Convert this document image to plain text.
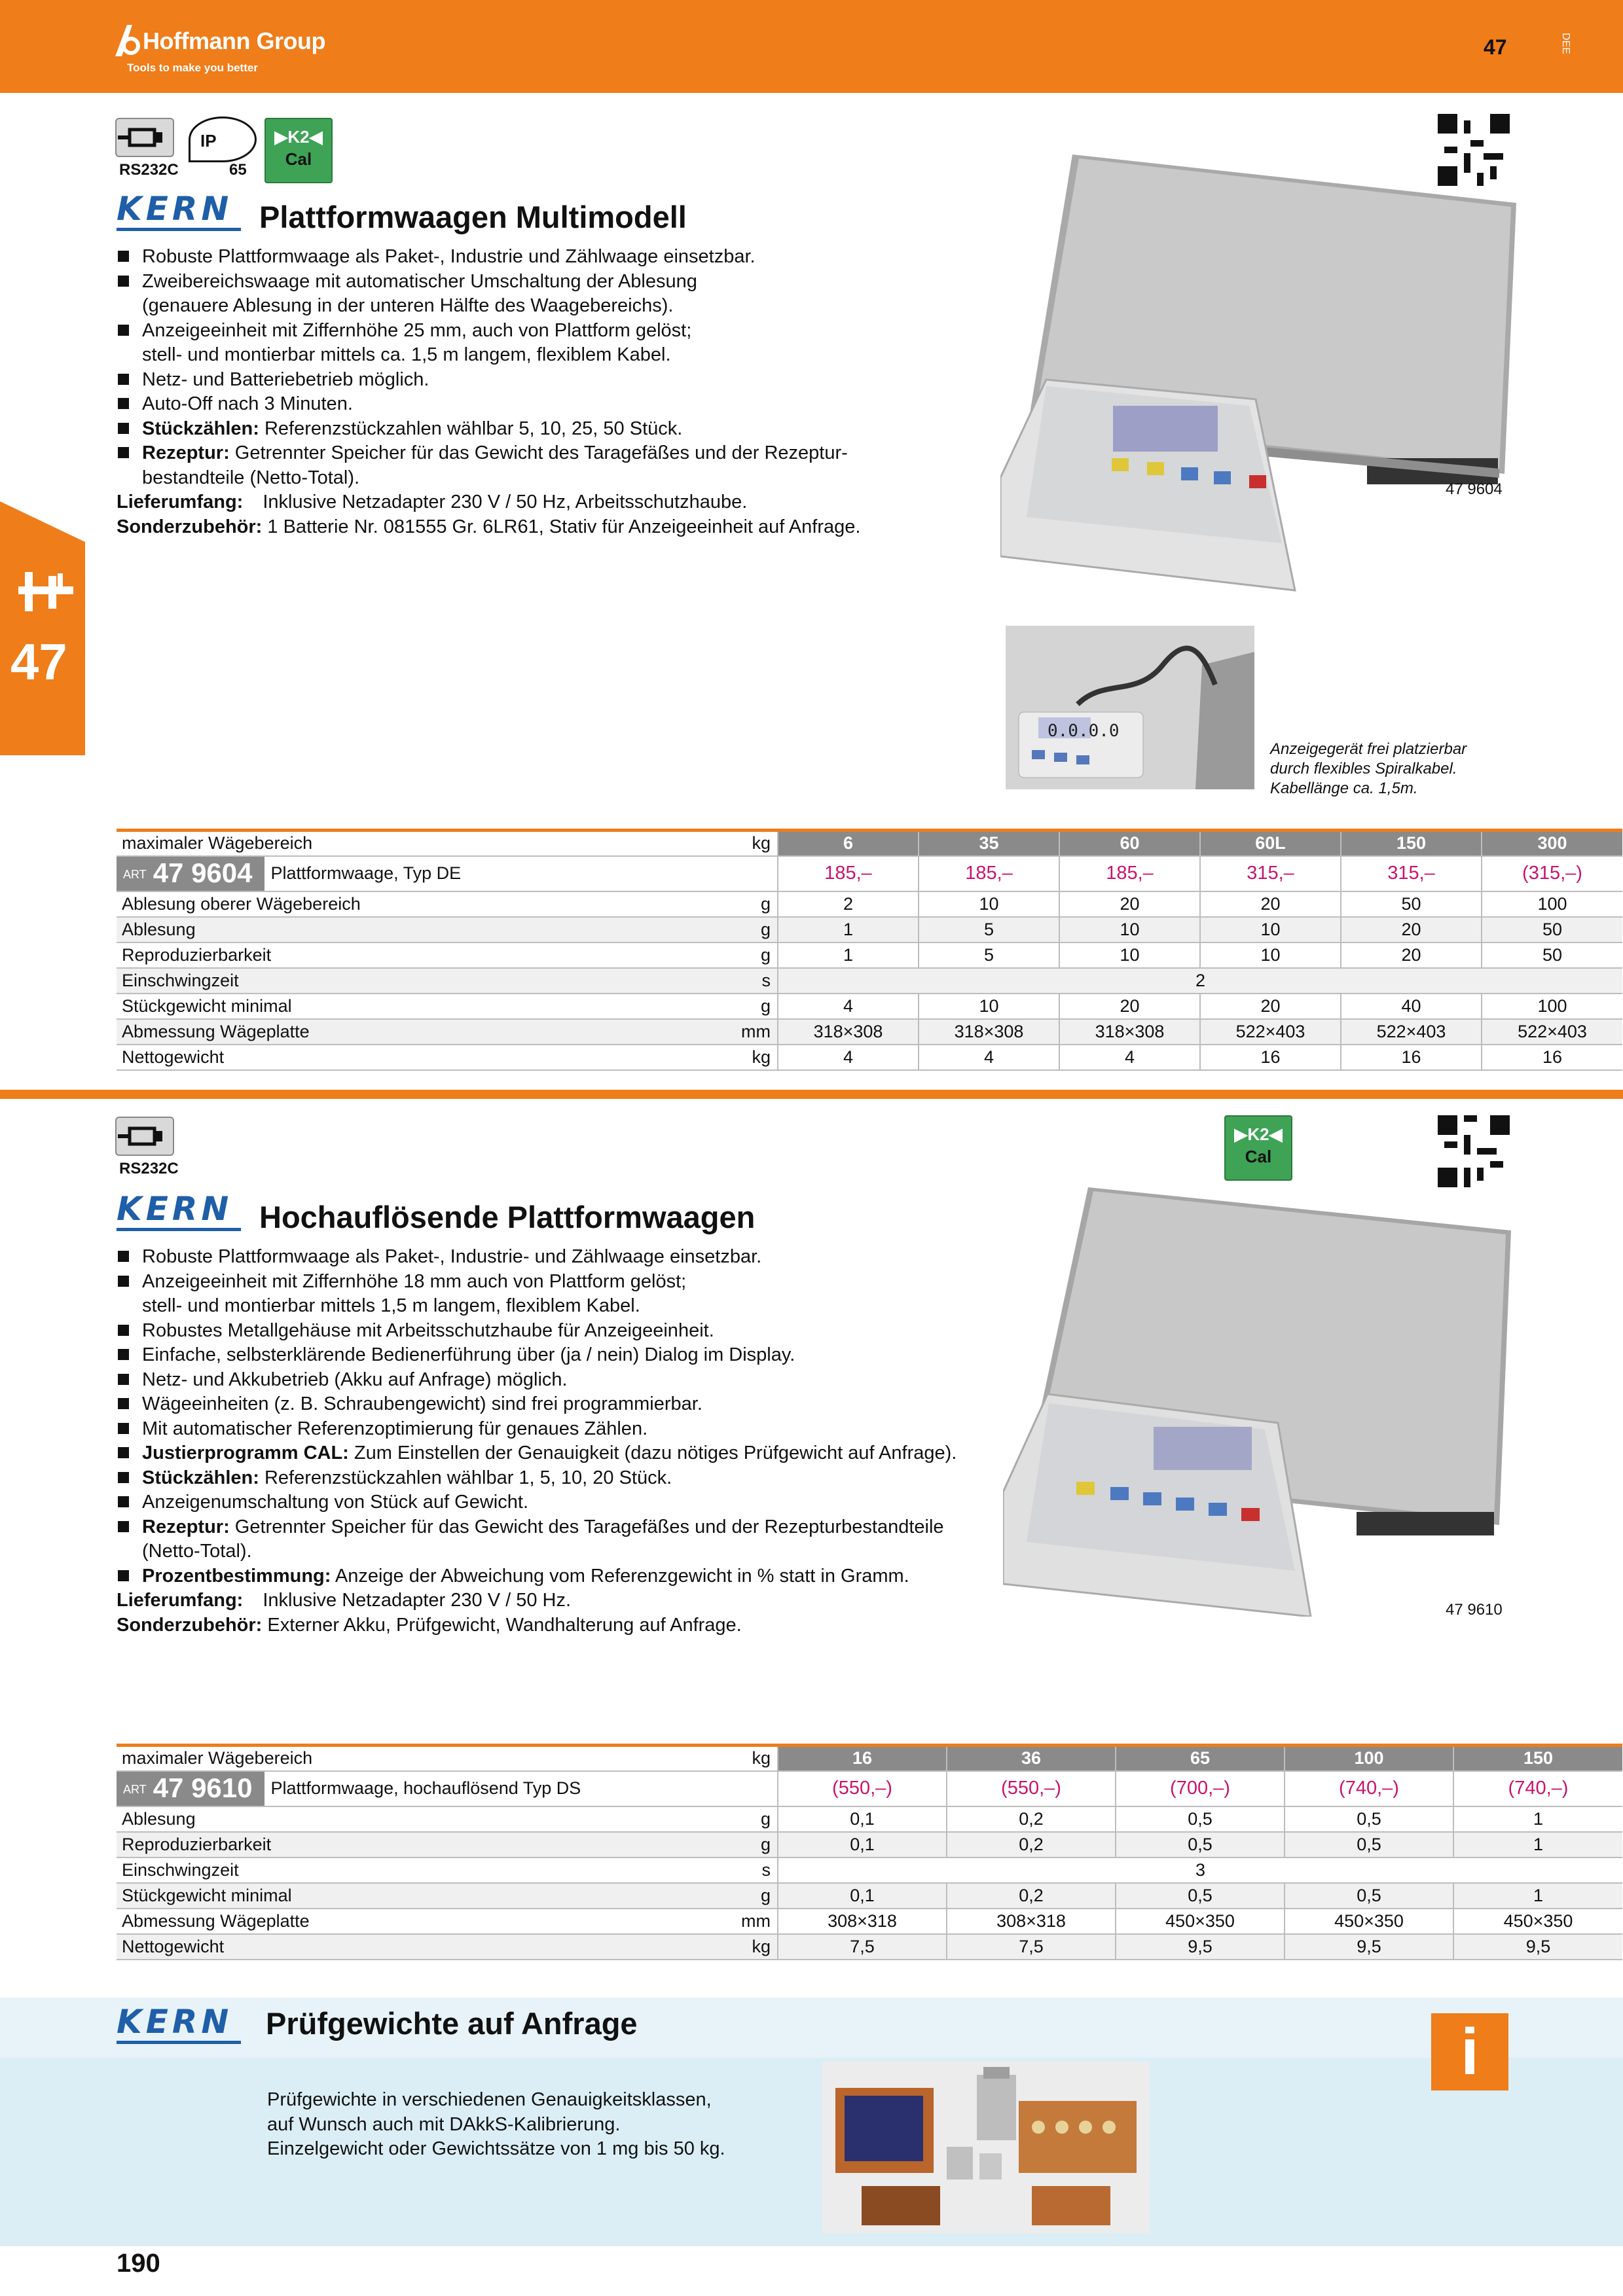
Hoffmann Group
Tools to make you better
47	DEE
47
RS232C
IP
65
▶K2◀
Cal
KERN Plattformwaagen Multimodell
Robuste Plattformwaage als Paket-, Industrie und Zählwaage einsetzbar.
Zweibereichswaage mit automatischer Umschaltung der Ablesung
(genauere Ablesung in der unteren Hälfte des Waagebereichs).
Anzeigeeinheit mit Ziffernhöhe 25 mm, auch von Plattform gelöst;
stell- und montierbar mittels ca. 1,5 m langem, flexiblem Kabel.
Netz- und Batteriebetrieb möglich.
Auto-Off nach 3 Minuten.
Stückzählen: Referenzstückzahlen wählbar 5, 10, 25, 50 Stück.
Rezeptur: Getrennter Speicher für das Gewicht des Taragefäßes und der Rezeptur-
bestandteile (Netto-Total).
Lieferumfang: Inklusive Netzadapter 230 V / 50 Hz, Arbeitsschutzhaube.
Sonderzubehör: 1 Batterie Nr. 081555 Gr. 6LR61, Stativ für Anzeigeeinheit auf Anfrage.
47 9604
0.0.0.0
Anzeigegerät frei platzierbar
durch flexibles Spiralkabel.
Kabellänge ca. 1,5m.
maximaler Wägebereich	kg	6	35	60	60L	150	300
ART 47 9604 Plattformwaage, Typ DE		185,–	185,–	185,–	315,–	315,–	(315,–)
Ablesung oberer Wägebereich	g	2	10	20	20	50	100
Ablesung	g	1	5	10	10	20	50
Reproduzierbarkeit	g	1	5	10	10	20	50
Einschwingzeit	s	2					
Stückgewicht minimal	g	4	10	20	20	40	100
Abmessung Wägeplatte	mm	318×308	318×308	318×308	522×403	522×403	522×403
Nettogewicht	kg	4	4	4	16	16	16
RS232C
▶K2◀
Cal
KERN Hochauflösende Plattformwaagen
Robuste Plattformwaage als Paket-, Industrie- und Zählwaage einsetzbar.
Anzeigeeinheit mit Ziffernhöhe 18 mm auch von Plattform gelöst;
stell- und montierbar mittels 1,5 m langem, flexiblem Kabel.
Robustes Metallgehäuse mit Arbeitsschutzhaube für Anzeigeeinheit.
Einfache, selbsterklärende Bedienerführung über (ja / nein) Dialog im Display.
Netz- und Akkubetrieb (Akku auf Anfrage) möglich.
Wägeeinheiten (z. B. Schraubengewicht) sind frei programmierbar.
Mit automatischer Referenzoptimierung für genaues Zählen.
Justierprogramm CAL: Zum Einstellen der Genauigkeit (dazu nötiges Prüfgewicht auf Anfrage).
Stückzählen: Referenzstückzahlen wählbar 1, 5, 10, 20 Stück.
Anzeigenumschaltung von Stück auf Gewicht.
Rezeptur: Getrennter Speicher für das Gewicht des Taragefäßes und der Rezepturbestandteile
(Netto-Total).
Prozentbestimmung: Anzeige der Abweichung vom Referenzgewicht in % statt in Gramm.
Lieferumfang: Inklusive Netzadapter 230 V / 50 Hz.
Sonderzubehör: Externer Akku, Prüfgewicht, Wandhalterung auf Anfrage.
47 9610
maximaler Wägebereich	kg	16	36	65	100	150
ART 47 9610 Plattformwaage, hochauflösend Typ DS		(550,–)	(550,–)	(700,–)	(740,–)	(740,–)
Ablesung	g	0,1	0,2	0,5	0,5	1
Reproduzierbarkeit	g	0,1	0,2	0,5	0,5	1
Einschwingzeit	s	3				
Stückgewicht minimal	g	0,1	0,2	0,5	0,5	1
Abmessung Wägeplatte	mm	308×318	308×318	450×350	450×350	450×350
Nettogewicht	kg	7,5	7,5	9,5	9,5	9,5
KERN Prüfgewichte auf Anfrage	i
Prüfgewichte in verschiedenen Genauigkeitsklassen,
auf Wunsch auch mit DAkkS-Kalibrierung.
Einzelgewicht oder Gewichtssätze von 1 mg bis 50 kg.
190
